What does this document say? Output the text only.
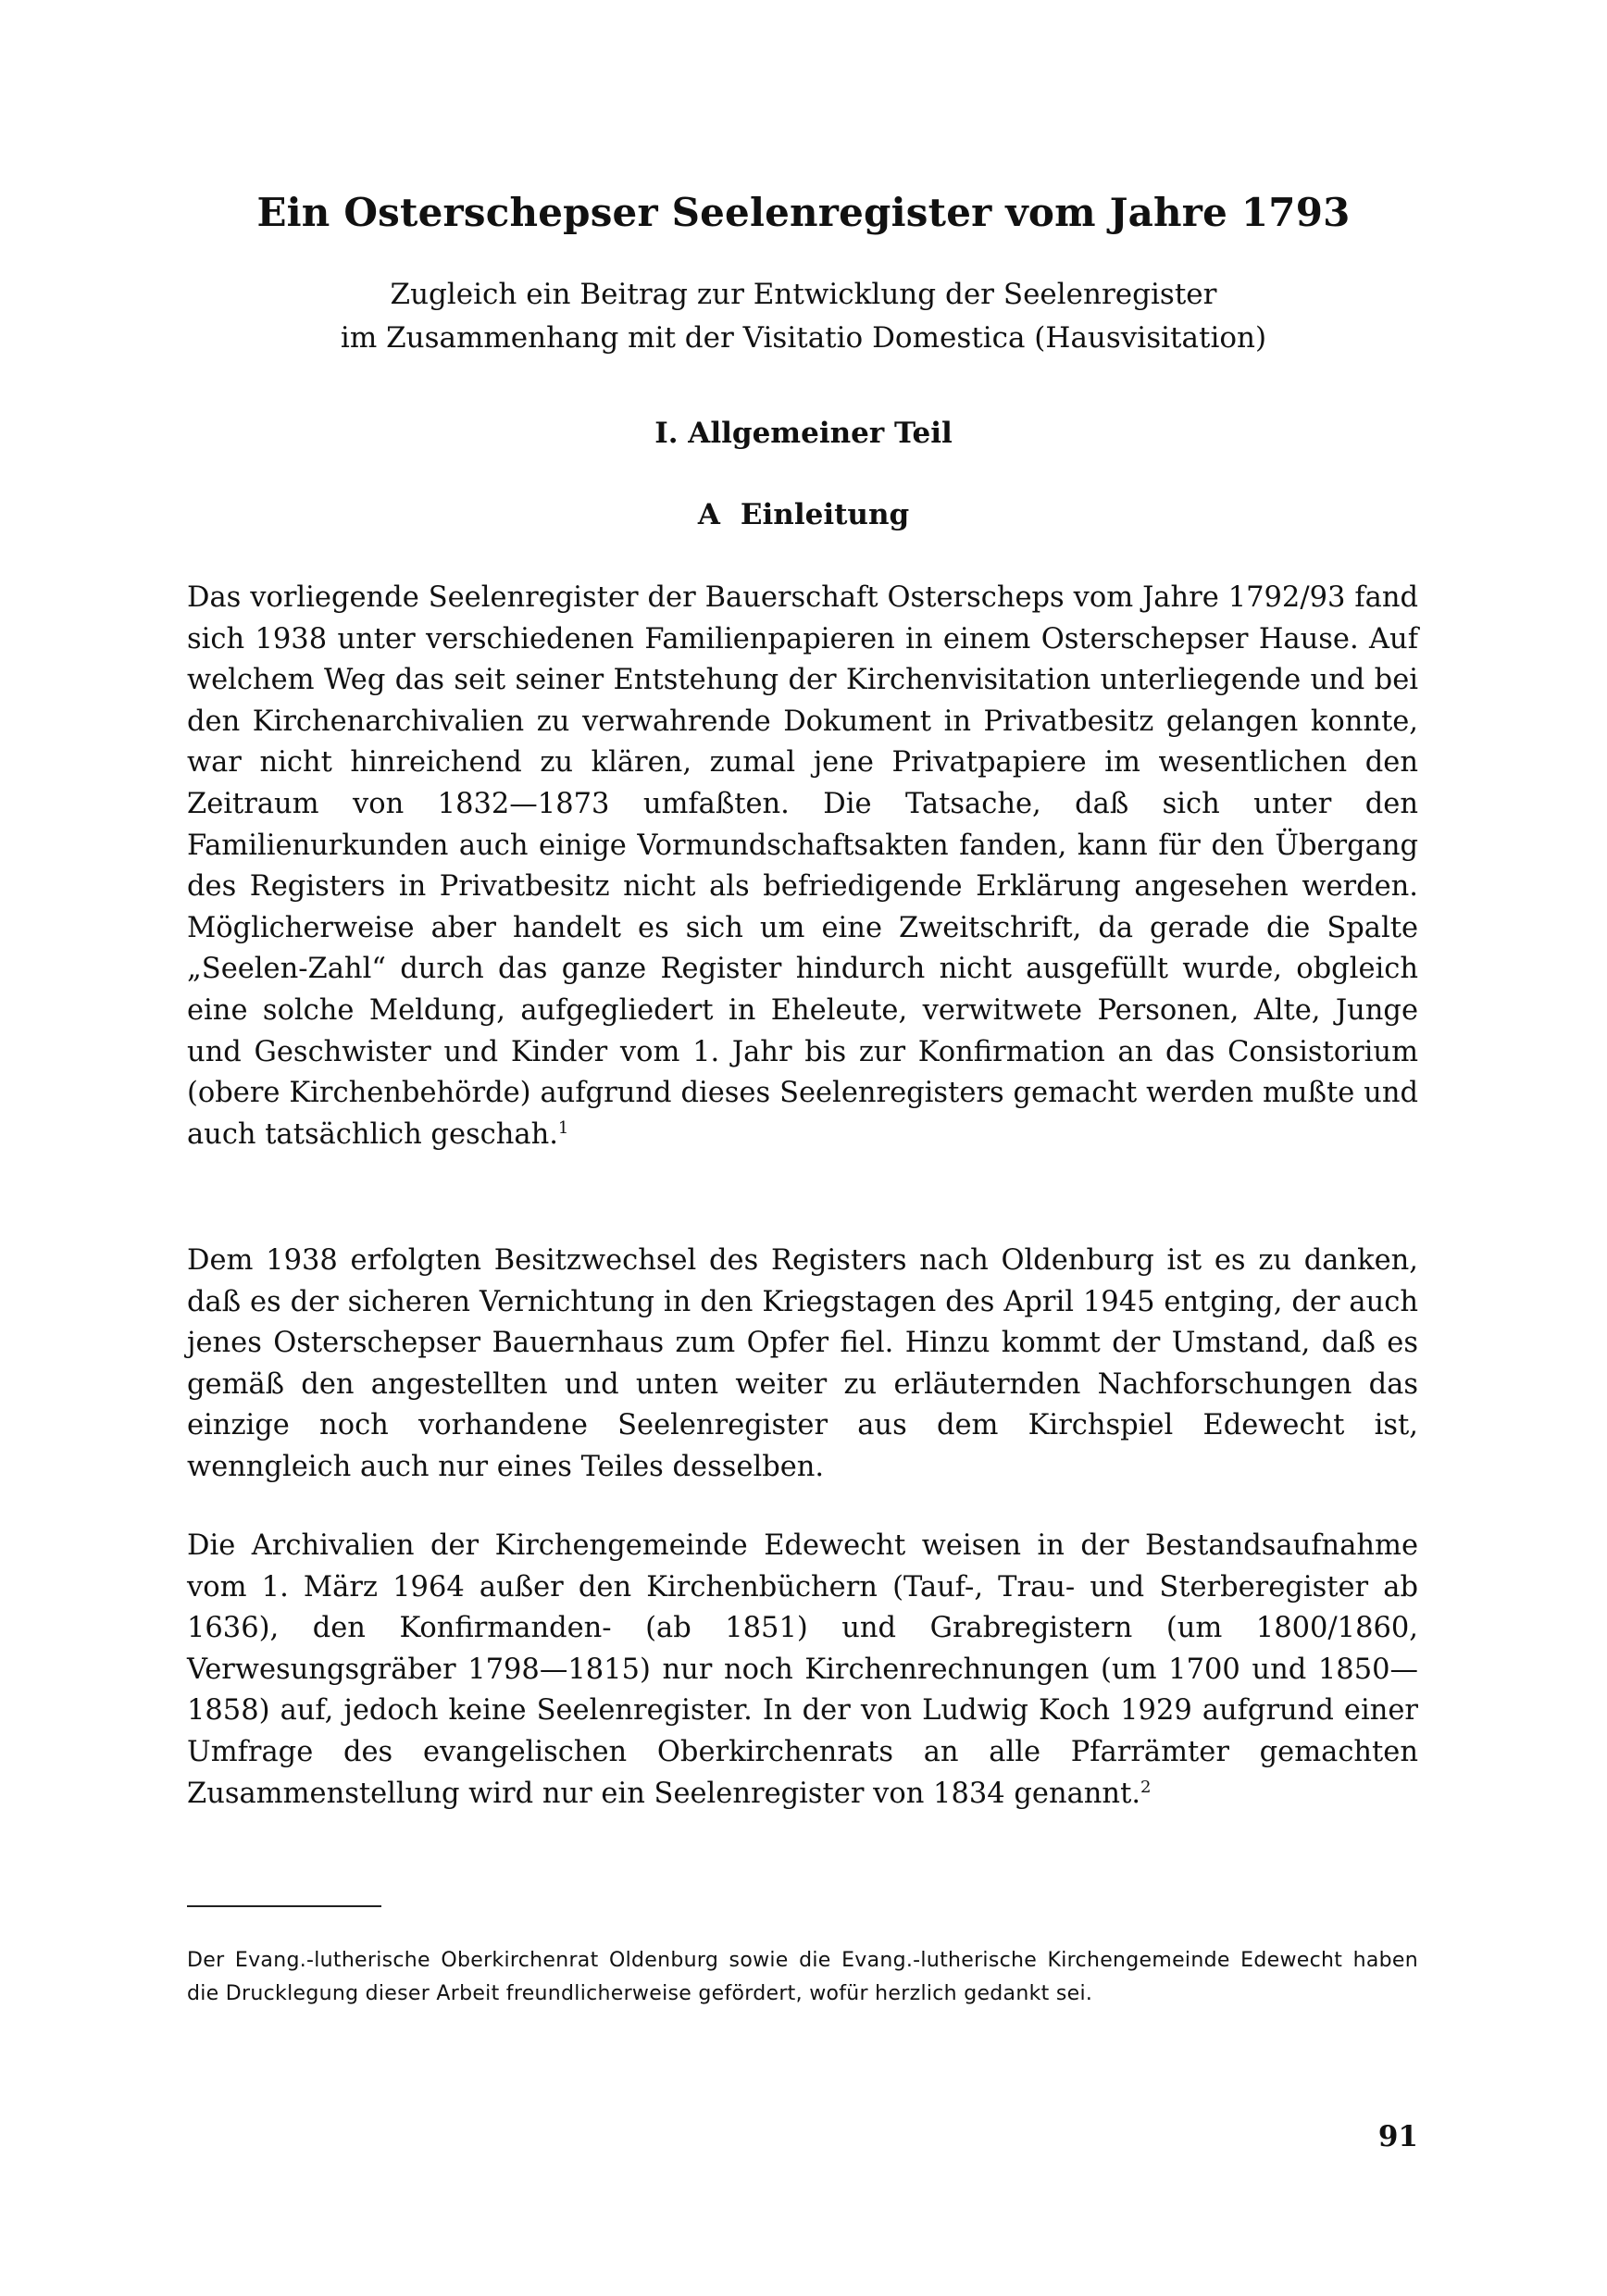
Ein Osterschepser Seelenregister vom Jahre 1793

Zugleich ein Beitrag zur Entwicklung der Seelenregister

im Zusammenhang mit der Visitatio Domestica (Hausvisitation)

I. Allgemeiner Teil
A Einleitung

Das vorliegende Seelenregister der Bauerschaft Osterscheps vom Jahre 1792/93 fand sich 1938 unter verschiedenen Familienpapieren in einem Osterschepser Hause. Auf welchem Weg das seit seiner Entstehung der Kirchenvisitation unterliegende und bei den Kirchenarchivalien zu verwahrende Dokument in Privatbesitz gelangen konnte, war nicht hinreichend zu klären, zumal jene Privatpapiere im wesentlichen den Zeitraum von 1832—1873 umfaßten. Die Tatsache, daß sich unter den Familienurkunden auch einige Vormundschaftsakten fanden, kann für den Übergang des Registers in Privatbesitz nicht als befriedigende Erklärung angesehen werden. Möglicherweise aber handelt es sich um eine Zweitschrift, da gerade die Spalte „Seelen-Zahl“ durch das ganze Register hindurch nicht ausgefüllt wurde, obgleich eine solche Meldung, aufgegliedert in Eheleute, verwitwete Personen, Alte, Junge und Geschwister und Kinder vom 1. Jahr bis zur Konfirmation an das Consistorium (obere Kirchenbehörde) aufgrund dieses Seelenregisters gemacht werden mußte und auch tatsächlich geschah.$^1$

Dem 1938 erfolgten Besitzwechsel des Registers nach Oldenburg ist es zu danken, daß es der sicheren Vernichtung in den Kriegstagen des April 1945 entging, der auch jenes Osterschepser Bauernhaus zum Opfer fiel. Hinzu kommt der Umstand, daß es gemäß den angestellten und unten weiter zu erläuternden Nachforschungen das einzige noch vorhandene Seelenregister aus dem Kirchspiel Edewecht ist, wenngleich auch nur eines Teiles desselben.

Die Archivalien der Kirchengemeinde Edewecht weisen in der Bestandsaufnahme vom 1. März 1964 außer den Kirchenbüchern (Tauf-, Trau- und Sterberegister ab 1636), den Konfirmanden- (ab 1851) und Grabregistern (um 1800/1860, Verwesungsgräber 1798—1815) nur noch Kirchenrechnungen (um 1700 und 1850—1858) auf, jedoch keine Seelenregister. In der von Ludwig Koch 1929 aufgrund einer Umfrage des evangelischen Oberkirchenrats an alle Pfarrämter gemachten Zusammenstellung wird nur ein Seelenregister von 1834 genannt.$^2$

Der Evang.-lutherische Oberkirchenrat Oldenburg sowie die Evang.-lutherische Kirchengemeinde Edewecht haben die Drucklegung dieser Arbeit freundlicherweise gefördert, wofür herzlich gedankt sei.

91
